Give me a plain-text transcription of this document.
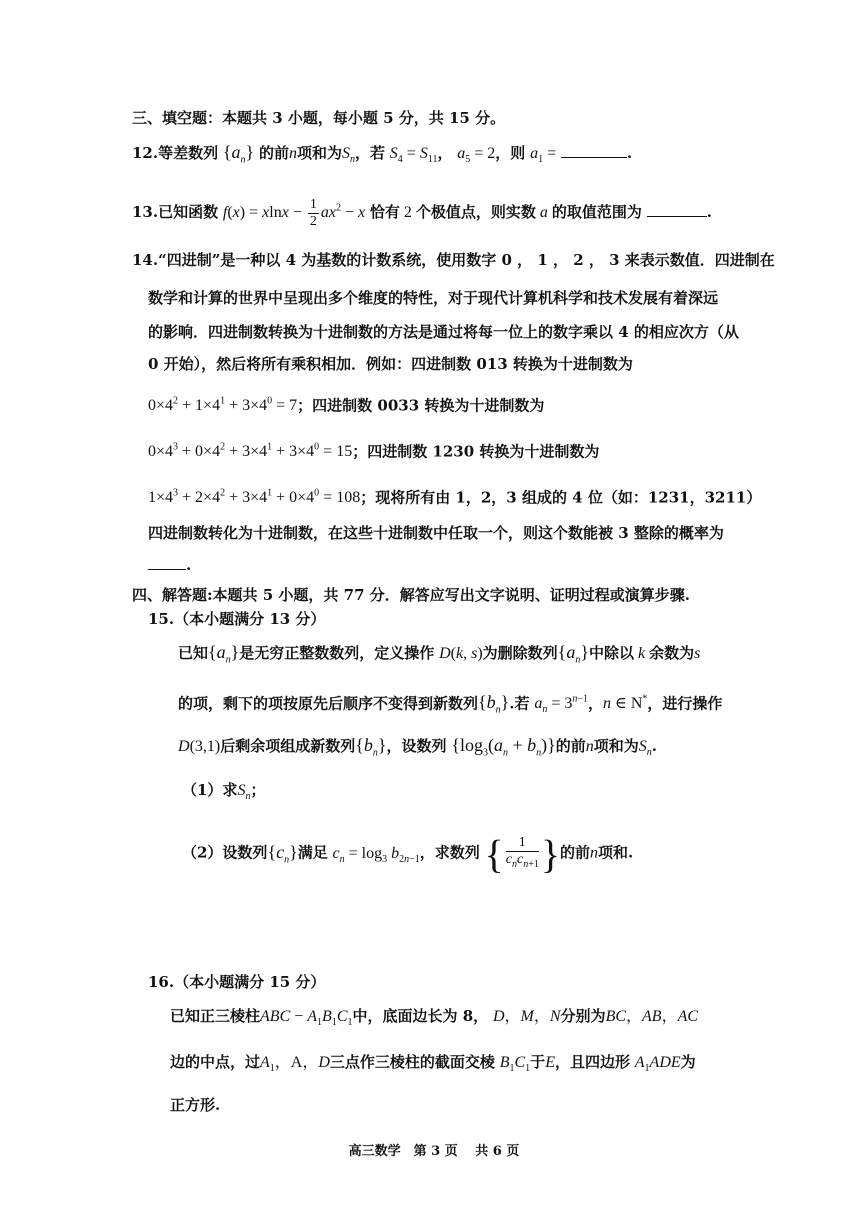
三、填空题：本题共 3 小题，每小题 5 分，共 15 分。
12.等差数列 $\{a_n\}$ 的前n项和为$S_n$，若 $S_4 = S_{11}$， $a_5 = 2$，则 $a_1$ =	.
13.已知函数 $f(x) = xlnx - \frac{1}{2} ax^2 - x$ 恰有 2 个极值点，则实数 a 的取值范围为	.
14.“四进制”是一种以 4 为基数的计数系统，使用数字 0 ， 1 ， 2 ， 3 来表示数值．四进制在
数学和计算的世界中呈现出多个维度的特性，对于现代计算机科学和技术发展有着深远
的影响．四进制数转换为十进制数的方法是通过将每一位上的数字乘以 4 的相应次方（从
0 开始），然后将所有乘积相加．例如：四进制数 013 转换为十进制数为
$0\times 4^2 + 1\times 4^1 + 3\times 4^0 = 7$；四进制数 0033 转换为十进制数为
$0\times 4^3 + 0\times 4^2 + 3\times 4^1 + 3\times 4^0 = 15$；四进制数 1230 转换为十进制数为
$1\times 4^3 + 2\times 4^2 + 3\times 4^1 + 0\times 4^0 = 108$；现将所有由 1，2，3 组成的 4 位（如：1231，3211）
四进制数转化为十进制数，在这些十进制数中任取一个，则这个数能被 3 整除的概率为
.
四、解答题:本题共 5 小题，共 77 分．解答应写出文字说明、证明过程或演算步骤.
15.（本小题满分 13 分）
已知$\{a_n\}$是无穷正整数数列，定义操作 D(k, s)为删除数列$\{a_n\}$中除以 k 余数为s
的项，剩下的项按原先后顺序不变得到新数列$\{b_n\}$.若 $a_n = 3^{n-1}$，n ∈ N*，进行操作
D(3,1)后剩余项组成新数列$\{b_n\}$，设数列 $\{\log_3(a_n + b_n)\}$的前n项和为$S_n$.
（1）求$S_n$；
（2）设数列$\{c_n\}$满足 $c_n = \log_3 b_{2n-1}$，求数列 { $\frac{1}{c_nc_{n+1}}$ }的前n项和.
16.（本小题满分 15 分）
已知正三棱柱ABC − $A_1B_1C_1$中，底面边长为 8， D，M，N分别为BC，AB，AC
边的中点，过$A_1$，A，D三点作三棱柱的截面交棱 $B_1C_1$于E，且四边形 $A_1ADE$为
正方形.
高三数学　第 3 页　 共 6 页
